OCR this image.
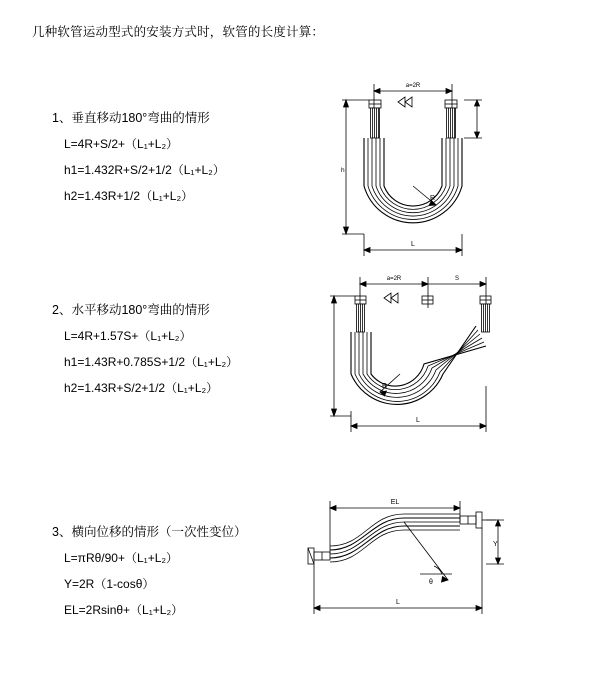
几种软管运动型式的安装方式时，软管的长度计算：
1、垂直移动180°弯曲的情形
L=4R+S/2+（L₁+L₂）
h1=1.432R+S/2+1/2（L₁+L₂）
h2=1.43R+1/2（L₁+L₂）
a=2R
R
h
L
2、水平移动180°弯曲的情形
L=4R+1.57S+（L₁+L₂）
h1=1.43R+0.785S+1/2（L₁+L₂）
h2=1.43R+S/2+1/2（L₁+L₂）
a=2R	S
R
L
3、横向位移的情形（一次性变位）
L=πRθ/90+（L₁+L₂）
Y=2R（1-cosθ）
EL=2Rsinθ+（L₁+L₂）
EL
θ
Y
L
